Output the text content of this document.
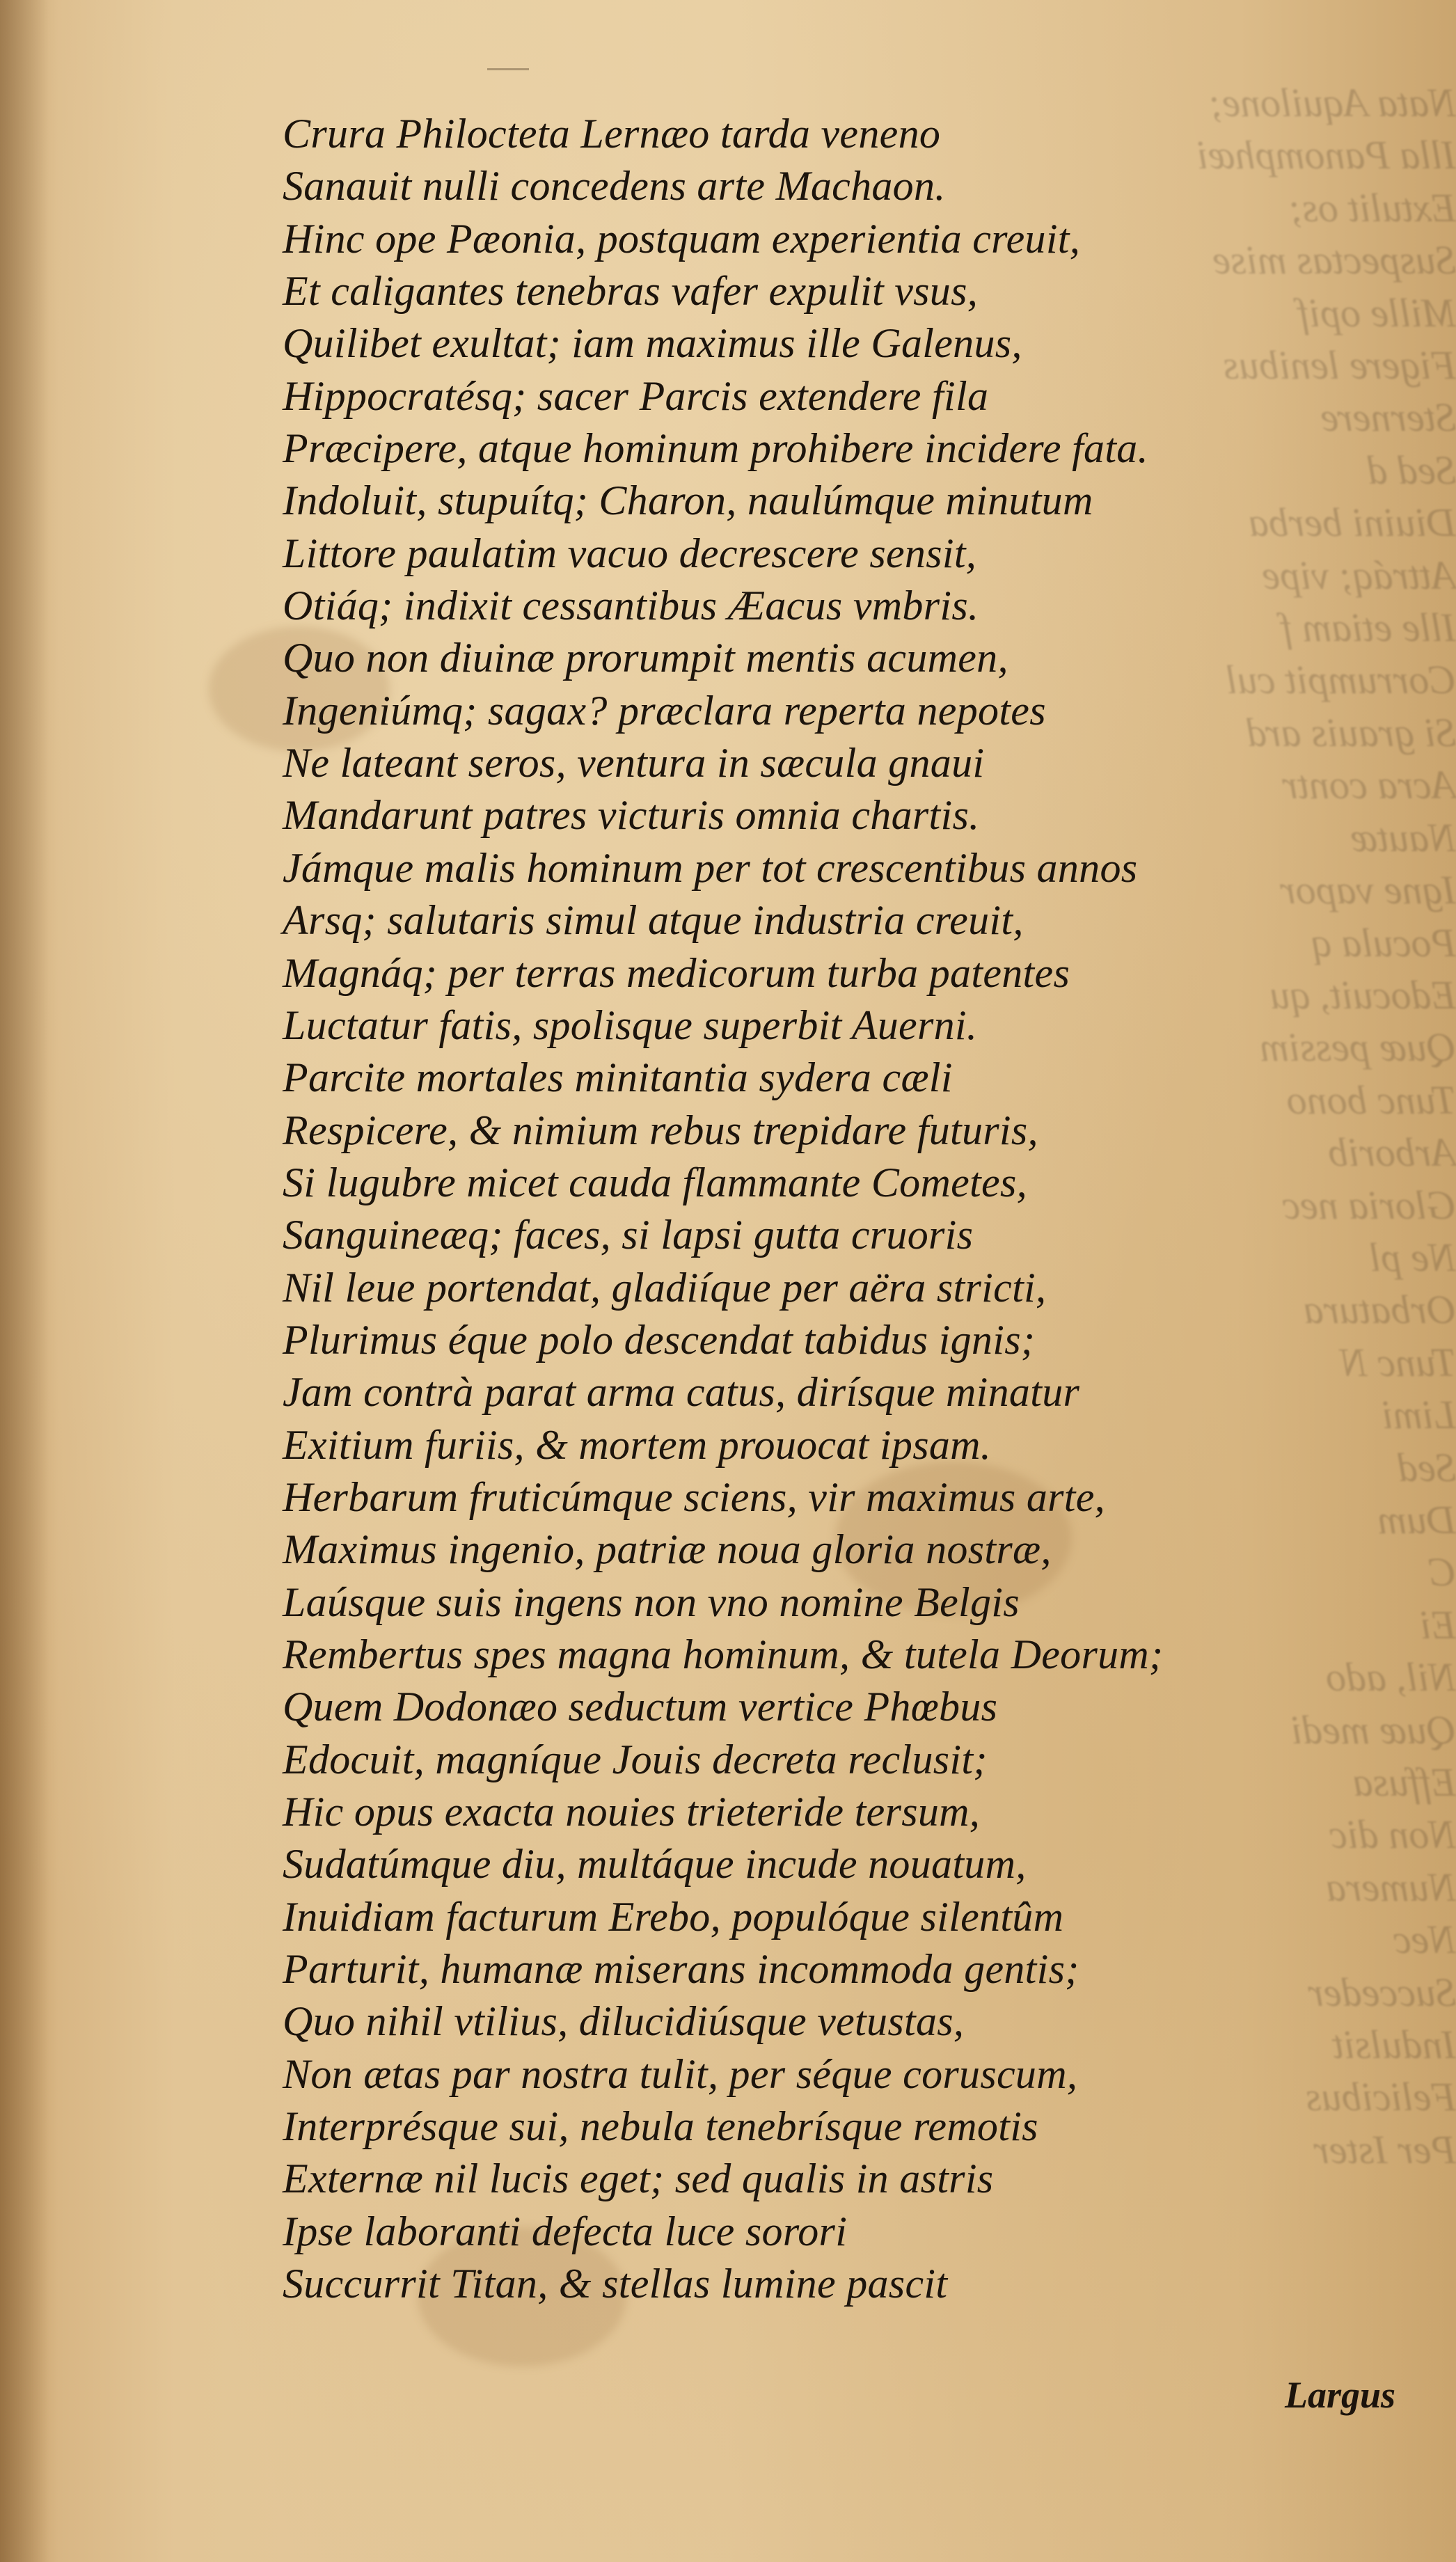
Nata Aquilone;
Illa Panomphæi
Extulit os;
Suspectas mise
Mille opif
Figere lenibus
Sternere
Sed d
Diuini berba
Attráq; vipe
Ille etiam f
Corrumpit cul
Si grauis ard
Acra contr
Nautæ
Igne vapor
Pocula q
Edocuit, qu
Quæ pessim
Tunc bono
Arborib
Gloria nec
Ne pl
Orbatura
Tunc N
Limi
Sed
Dum
C
Ei
Nil, ado
Quæ medi
Effusa
Non dic
Numera
Nec
Succeder
Indulsit
Felicibus
Per Ister
Crura Philocteta Lernæo tarda veneno
Sanauit nulli concedens arte Machaon.
Hinc ope Pæonia, postquam experientia creuit,
Et caligantes tenebras vafer expulit vsus,
Quilibet exultat; iam maximus ille Galenus,
Hippocratésq; sacer Parcis extendere fila
Præcipere, atque hominum prohibere incidere fata.
Indoluit, stupuítq; Charon, naulúmque minutum
Littore paulatim vacuo decrescere sensit,
Otiáq; indixit cessantibus Æacus vmbris.
Quo non diuinæ prorumpit mentis acumen,
Ingeniúmq; sagax? præclara reperta nepotes
Ne lateant seros, ventura in sæcula gnaui
Mandarunt patres victuris omnia chartis.
Jámque malis hominum per tot crescentibus annos
Arsq; salutaris simul atque industria creuit,
Magnáq; per terras medicorum turba patentes
Luctatur fatis, spolisque superbit Auerni.
Parcite mortales minitantia sydera cæli
Respicere, & nimium rebus trepidare futuris,
Si lugubre micet cauda flammante Cometes,
Sanguineæq; faces, si lapsi gutta cruoris
Nil leue portendat, gladiíque per aëra stricti,
Plurimus éque polo descendat tabidus ignis;
Jam contrà parat arma catus, dirísque minatur
Exitium furiis, & mortem prouocat ipsam.
Herbarum fruticúmque sciens, vir maximus arte,
Maximus ingenio, patriæ noua gloria nostræ,
Laúsque suis ingens non vno nomine Belgis
Rembertus spes magna hominum, & tutela Deorum;
Quem Dodonæo seductum vertice Phœbus
Edocuit, magníque Jouis decreta reclusit;
Hic opus exacta nouies trieteride tersum,
Sudatúmque diu, multáque incude nouatum,
Inuidiam facturum Erebo, populóque silentûm
Parturit, humanæ miserans incommoda gentis;
Quo nihil vtilius, dilucidiúsque vetustas,
Non ætas par nostra tulit, per séque coruscum,
Interprésque sui, nebula tenebrísque remotis
Externæ nil lucis eget; sed qualis in astris
Ipse laboranti defecta luce sorori
Succurrit Titan, & stellas lumine pascit
Largus
